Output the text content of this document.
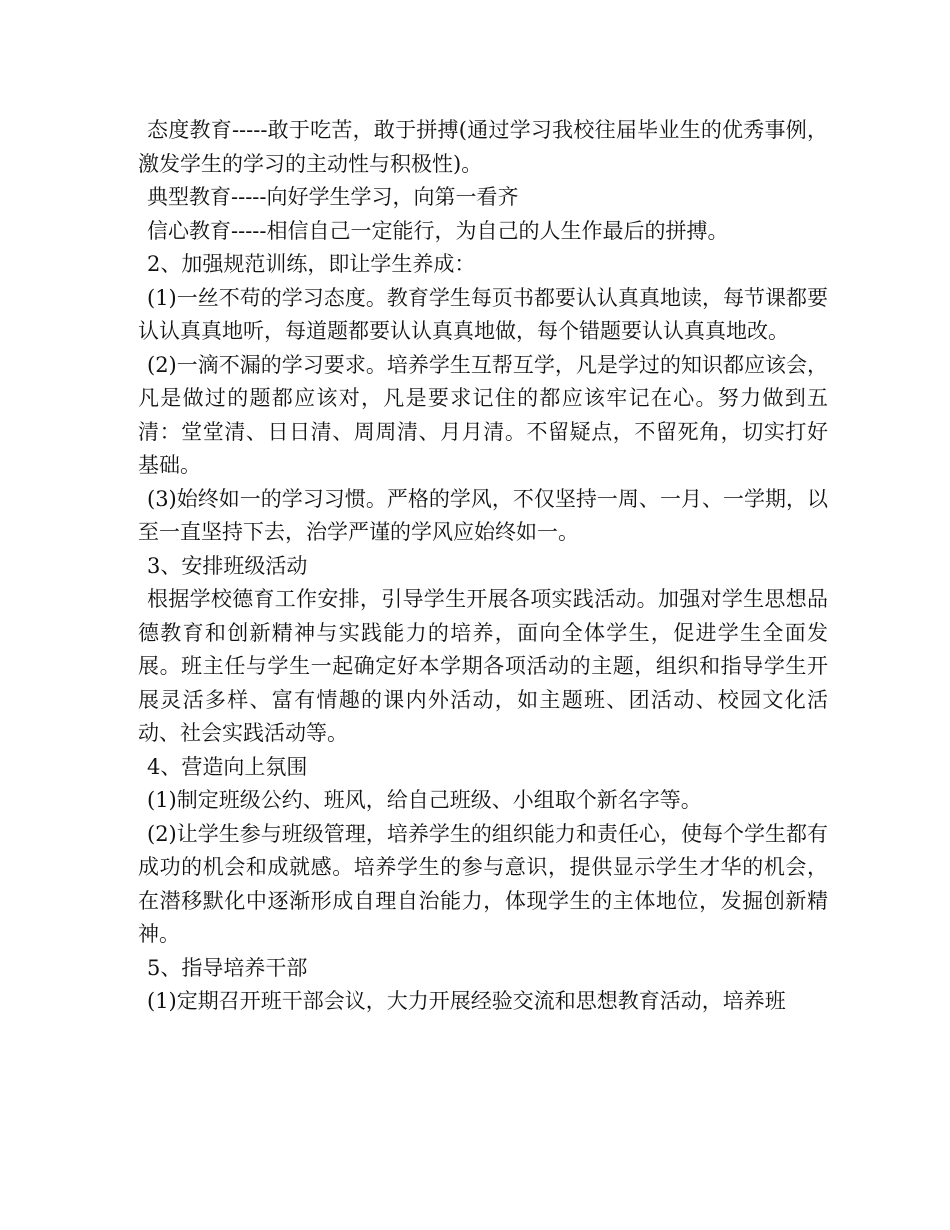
态度教育-----敢于吃苦，敢于拼搏(通过学习我校往届毕业生的优秀事例，激发学生的学习的主动性与积极性)。

典型教育-----向好学生学习，向第一看齐

信心教育-----相信自己一定能行，为自己的人生作最后的拼搏。

2、加强规范训练，即让学生养成：

(1)一丝不苟的学习态度。教育学生每页书都要认认真真地读，每节课都要认认真真地听，每道题都要认认真真地做，每个错题要认认真真地改。

(2)一滴不漏的学习要求。培养学生互帮互学，凡是学过的知识都应该会，凡是做过的题都应该对，凡是要求记住的都应该牢记在心。努力做到五清：堂堂清、日日清、周周清、月月清。不留疑点，不留死角，切实打好基础。

(3)始终如一的学习习惯。严格的学风，不仅坚持一周、一月、一学期，以至一直坚持下去，治学严谨的学风应始终如一。

3、安排班级活动

根据学校德育工作安排，引导学生开展各项实践活动。加强对学生思想品德教育和创新精神与实践能力的培养，面向全体学生，促进学生全面发展。班主任与学生一起确定好本学期各项活动的主题，组织和指导学生开展灵活多样、富有情趣的课内外活动，如主题班、团活动、校园文化活动、社会实践活动等。

4、营造向上氛围

(1)制定班级公约、班风，给自己班级、小组取个新名字等。

(2)让学生参与班级管理，培养学生的组织能力和责任心，使每个学生都有成功的机会和成就感。培养学生的参与意识，提供显示学生才华的机会，在潜移默化中逐渐形成自理自治能力，体现学生的主体地位，发掘创新精神。

5、指导培养干部

(1)定期召开班干部会议，大力开展经验交流和思想教育活动，培养班
